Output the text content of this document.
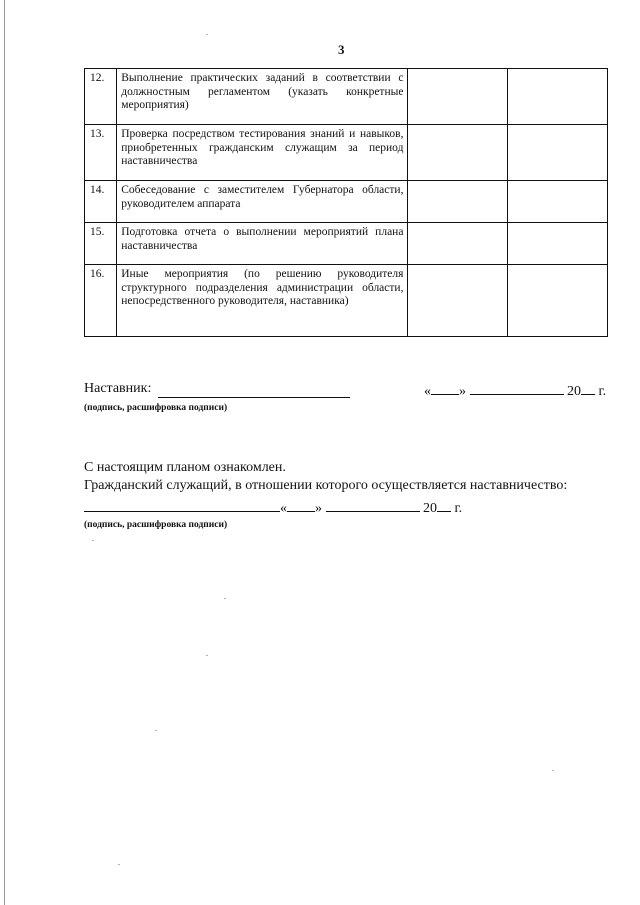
3
12.	Выполнение практических заданий в соответствии с должностным регламентом (указать конкретные мероприятия)		
13.	Проверка посредством тестирования знаний и навыков, приобретенных гражданским служащим за период наставничества		
14.	Собеседование с заместителем Губернатора области, руководителем аппарата		
15.	Подготовка отчета о выполнении мероприятий плана наставничества		
16.	Иные мероприятия (по решению руководителя структурного подразделения администрации области, непосредственного руководителя, наставника)		
Наставник:	« »	20 г.
(подпись, расшифровка подписи)
С настоящим планом ознакомлен.
Гражданский служащий, в отношении которого осуществляется наставничество:
« »	20 г.
(подпись, расшифровка подписи)
